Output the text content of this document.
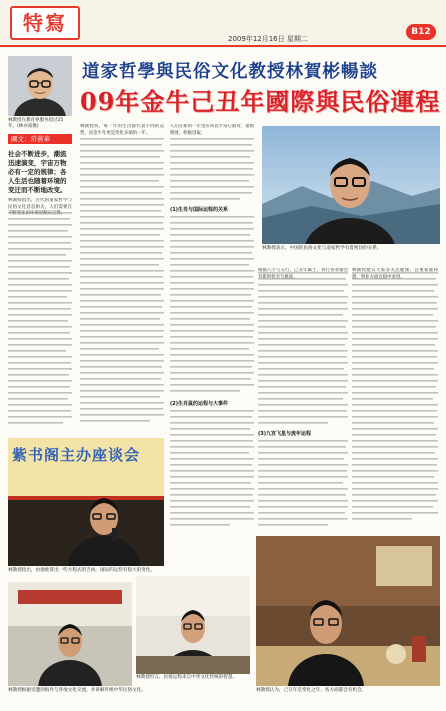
特寫
2009年12月16日 星期二
B12
林教授在教育界服务超过25年。(林亦南摄)
圖文：常燕華
道家哲學與民俗文化教授林賀彬暢談
09年金牛己丑年國際與民俗運程
社会不断进步，潮流迅速演变，宇宙万物必有一定的规律；各人生活也随着环境的变迁而不断地改变。
林教授指出，古代的道家哲学与民俗文化息息相关，人们需要在不断变化的环境里顺应自然。
林教授说，每一年的生肖都代表不同的运势，而金牛年更是变化多端的一年。
人们在新的一年里应该以平常心面对，谨慎理财，积极进取。
(1)生肖与国际运程的关系
根据八字与五行，己丑年属土，各行各业都会有新的机会与挑战。
(2)生肖鼠的运程与大事件
林教授建议大家多关注健康，注重家庭和谐，事业方面宜稳中求进。
(3)九宫飞星与流年运程
林教授表示，中国的民俗文化与道家哲学有着密切的关系。
紫书阁主办座谈会
林教授指出，由他推算出一些方程式的吉凶，国际的运势有很大的变化。
林教授坦言，民俗运程来自中华文化传统的智慧。
林教授根据受邀到海外与各地文化交流，并讲解传统中华民俗文化。	林教授认为，己丑年是变化之年，各方面都会有机会。
